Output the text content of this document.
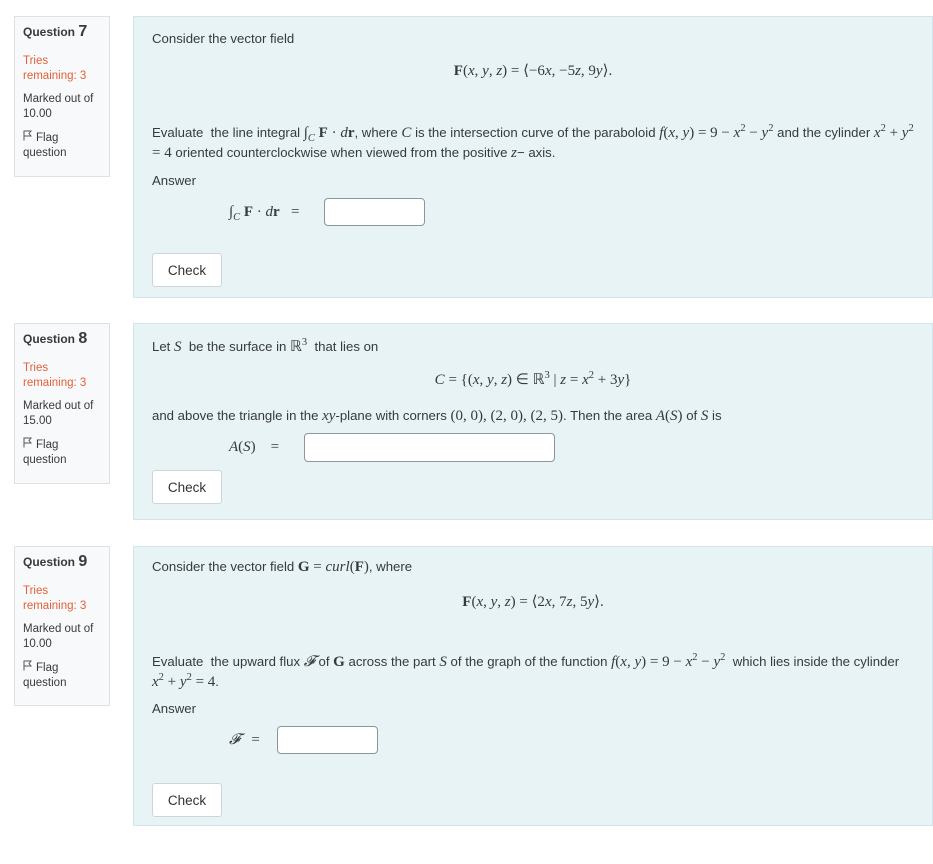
Question 7
Tries remaining: 3
Marked out of 10.00
Flag question
Consider the vector field
F(x, y, z) = ⟨−6x, −5z, 9y⟩.
Evaluate  the line integral $\int_C$ F · dr, where C is the intersection curve of the paraboloid f(x, $y) = 9 - x^2 - y^2$ and the cylinder $x^2 + y^2 = 4$ oriented counterclockwise when viewed from the positive z− axis.
Answer
$\int_C$ F · dr   =
Check
Question 8
Tries remaining: 3
Marked out of 15.00
Flag question
Let S  be the surface in ℝ$^3$  that lies on
C = {(x, y, z) ∈ ℝ$^3$ | $z = x^2 + 3y$}
and above the triangle in the xy-plane with corners (0, 0), (2, 0), (2, 5). Then the area A(S) of S is
A(S)    =
Check
Question 9
Tries remaining: 3
Marked out of 10.00
Flag question
Consider the vector field G = curl(F), where
F(x, y, z) = ⟨2x, 7z, 5y⟩.
Evaluate  the upward flux 𝓕 of G across the part S of the graph of the function f(x, $y) = 9 - x^2 - y^2$  which lies inside the cylinder $x^2 + y^2 = 4$.
Answer
𝓕   =
Check
